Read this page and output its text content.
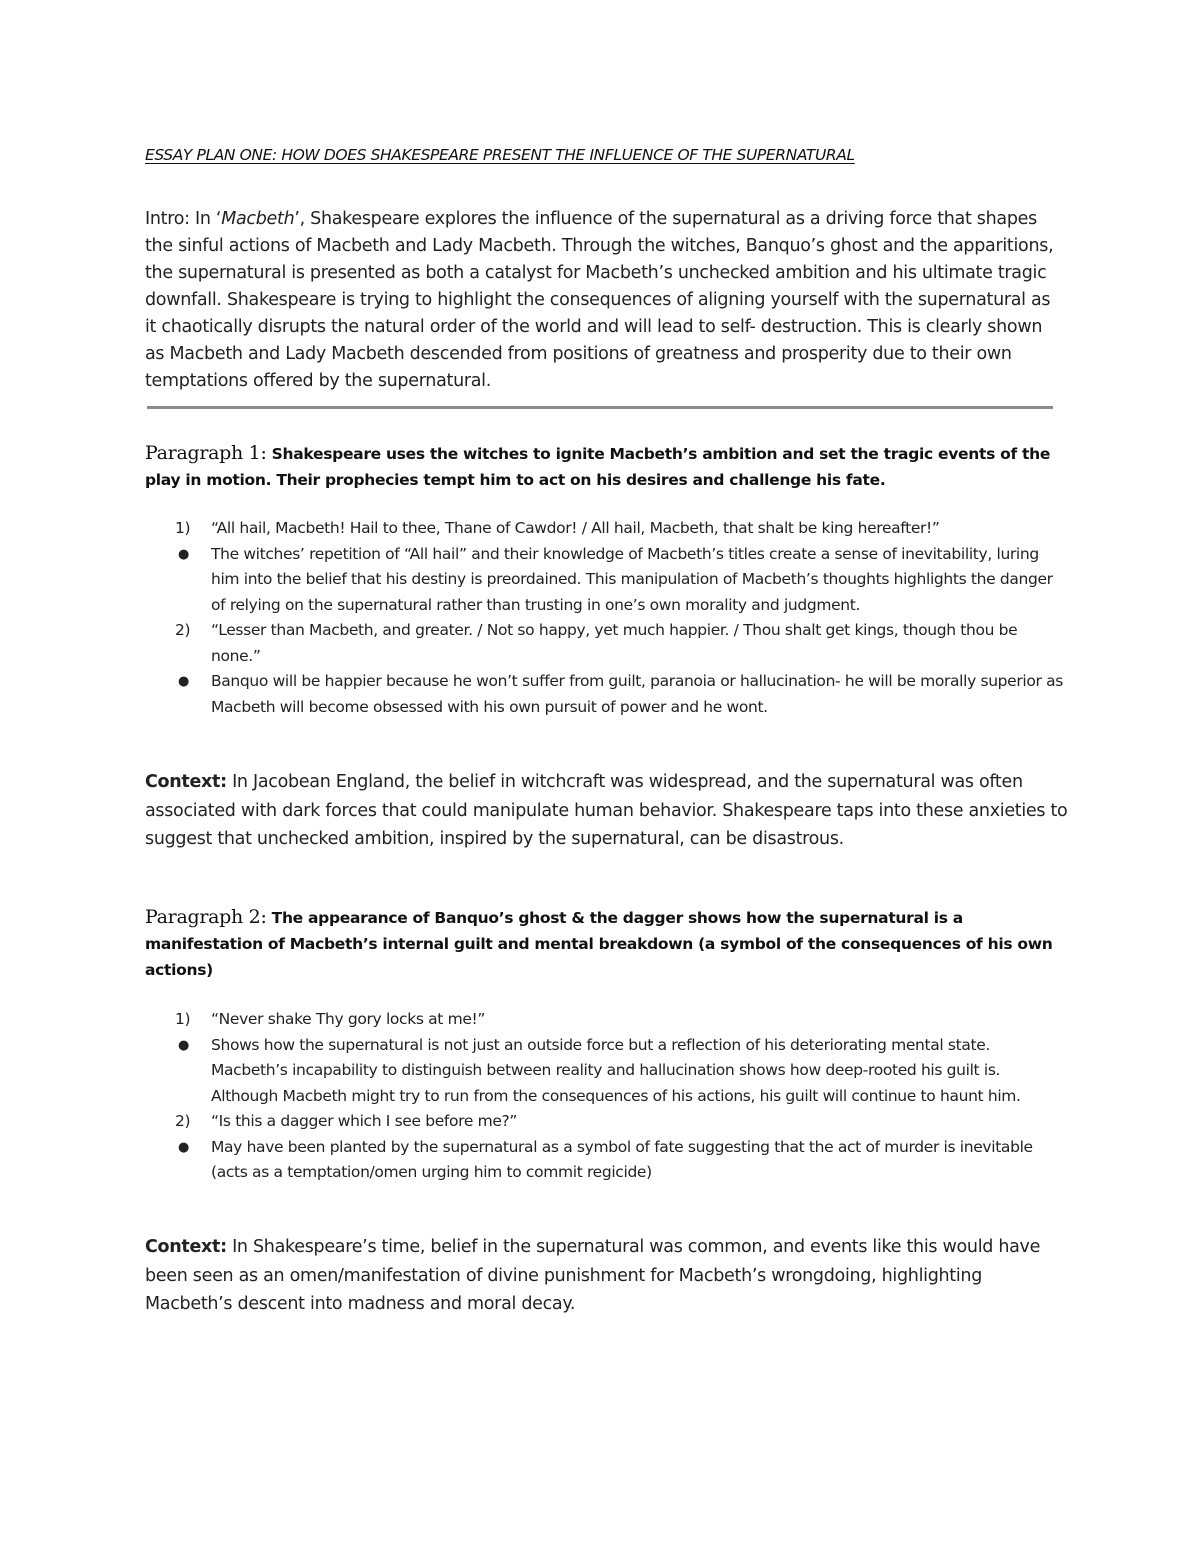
ESSAY PLAN ONE: HOW DOES SHAKESPEARE PRESENT THE INFLUENCE OF THE SUPERNATURAL

Intro: In ‘Macbeth’, Shakespeare explores the influence of the supernatural as a driving force that shapes the sinful actions of Macbeth and Lady Macbeth. Through the witches, Banquo’s ghost and the apparitions, the supernatural is presented as both a catalyst for Macbeth’s unchecked ambition and his ultimate tragic downfall. Shakespeare is trying to highlight the consequences of aligning yourself with the supernatural as it chaotically disrupts the natural order of the world and will lead to self- destruction. This is clearly shown as Macbeth and Lady Macbeth descended from positions of greatness and prosperity due to their own temptations offered by the supernatural.

Paragraph 1: Shakespeare uses the witches to ignite Macbeth’s ambition and set the tragic events of the play in motion. Their prophecies tempt him to act on his desires and challenge his fate.

1) “All hail, Macbeth! Hail to thee, Thane of Cawdor! / All hail, Macbeth, that shalt be king hereafter!”
● The witches’ repetition of “All hail” and their knowledge of Macbeth’s titles create a sense of inevitability, luring him into the belief that his destiny is preordained. This manipulation of Macbeth’s thoughts highlights the danger of relying on the supernatural rather than trusting in one’s own morality and judgment.
2) “Lesser than Macbeth, and greater. / Not so happy, yet much happier. / Thou shalt get kings, though thou be none.”
● Banquo will be happier because he won’t suffer from guilt, paranoia or hallucination- he will be morally superior as Macbeth will become obsessed with his own pursuit of power and he wont.

Context: In Jacobean England, the belief in witchcraft was widespread, and the supernatural was often associated with dark forces that could manipulate human behavior. Shakespeare taps into these anxieties to suggest that unchecked ambition, inspired by the supernatural, can be disastrous.

Paragraph 2: The appearance of Banquo’s ghost & the dagger shows how the supernatural is a manifestation of Macbeth’s internal guilt and mental breakdown (a symbol of the consequences of his own actions)

1) “Never shake Thy gory locks at me!”
● Shows how the supernatural is not just an outside force but a reflection of his deteriorating mental state. Macbeth’s incapability to distinguish between reality and hallucination shows how deep-rooted his guilt is. Although Macbeth might try to run from the consequences of his actions, his guilt will continue to haunt him.
2) “Is this a dagger which I see before me?”
● May have been planted by the supernatural as a symbol of fate suggesting that the act of murder is inevitable (acts as a temptation/omen urging him to commit regicide)

Context: In Shakespeare’s time, belief in the supernatural was common, and events like this would have been seen as an omen/manifestation of divine punishment for Macbeth’s wrongdoing, highlighting Macbeth’s descent into madness and moral decay.
